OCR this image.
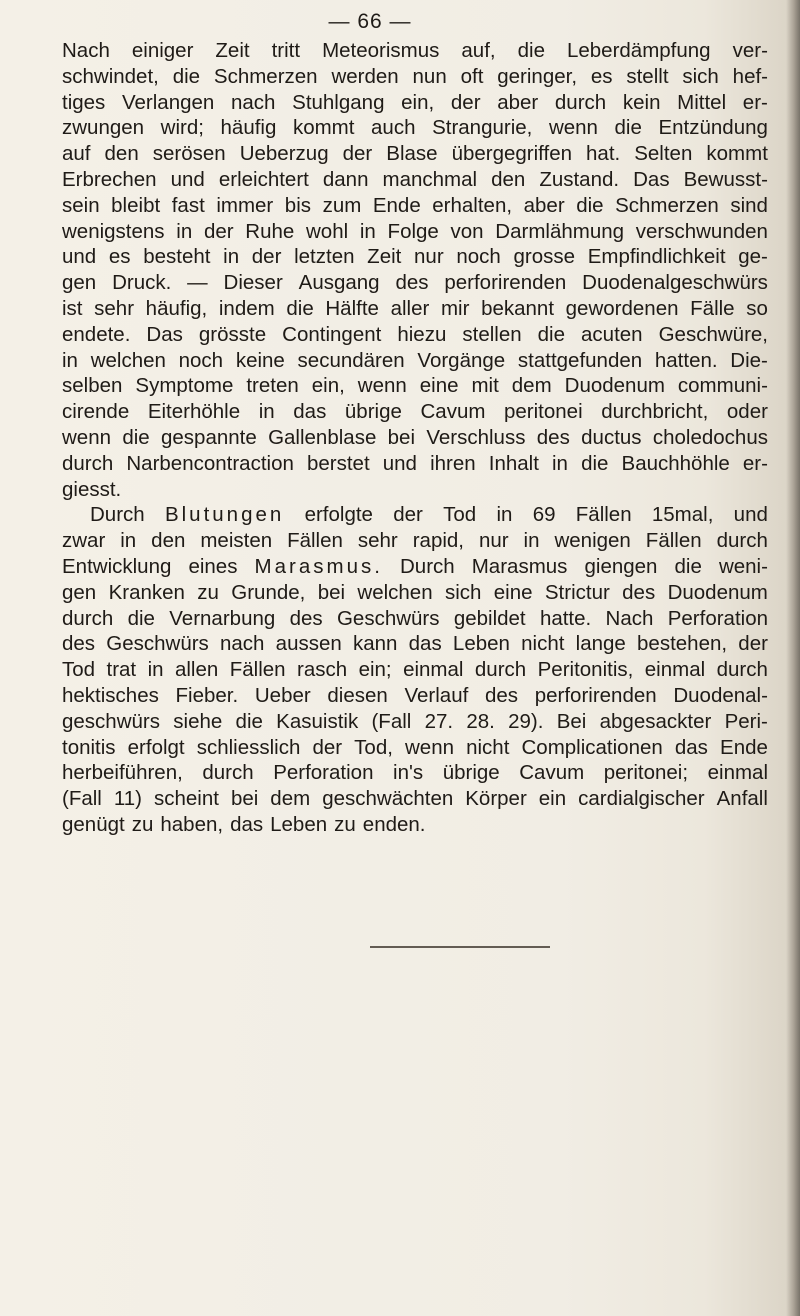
— 66 —
Nach einiger Zeit tritt Meteorismus auf, die Leberdämpfung ver-
schwindet, die Schmerzen werden nun oft geringer, es stellt sich hef-
tiges Verlangen nach Stuhlgang ein, der aber durch kein Mittel er-
zwungen wird; häufig kommt auch Strangurie, wenn die Entzündung
auf den serösen Ueberzug der Blase übergegriffen hat. Selten kommt
Erbrechen und erleichtert dann manchmal den Zustand. Das Bewusst-
sein bleibt fast immer bis zum Ende erhalten, aber die Schmerzen sind
wenigstens in der Ruhe wohl in Folge von Darmlähmung verschwunden
und es besteht in der letzten Zeit nur noch grosse Empfindlichkeit ge-
gen Druck. — Dieser Ausgang des perforirenden Duodenalgeschwürs
ist sehr häufig, indem die Hälfte aller mir bekannt gewordenen Fälle so
endete. Das grösste Contingent hiezu stellen die acuten Geschwüre,
in welchen noch keine secundären Vorgänge stattgefunden hatten. Die-
selben Symptome treten ein, wenn eine mit dem Duodenum communi-
cirende Eiterhöhle in das übrige Cavum peritonei durchbricht, oder
wenn die gespannte Gallenblase bei Verschluss des ductus choledochus
durch Narbencontraction berstet und ihren Inhalt in die Bauchhöhle er-
giesst.
Durch Blutungen erfolgte der Tod in 69 Fällen 15mal, und
zwar in den meisten Fällen sehr rapid, nur in wenigen Fällen durch
Entwicklung eines Marasmus. Durch Marasmus giengen die weni-
gen Kranken zu Grunde, bei welchen sich eine Strictur des Duodenum
durch die Vernarbung des Geschwürs gebildet hatte. Nach Perforation
des Geschwürs nach aussen kann das Leben nicht lange bestehen, der
Tod trat in allen Fällen rasch ein; einmal durch Peritonitis, einmal durch
hektisches Fieber. Ueber diesen Verlauf des perforirenden Duodenal-
geschwürs siehe die Kasuistik (Fall 27. 28. 29). Bei abgesackter Peri-
tonitis erfolgt schliesslich der Tod, wenn nicht Complicationen das Ende
herbeiführen, durch Perforation in's übrige Cavum peritonei; einmal
(Fall 11) scheint bei dem geschwächten Körper ein cardialgischer Anfall
genügt zu haben, das Leben zu enden.
